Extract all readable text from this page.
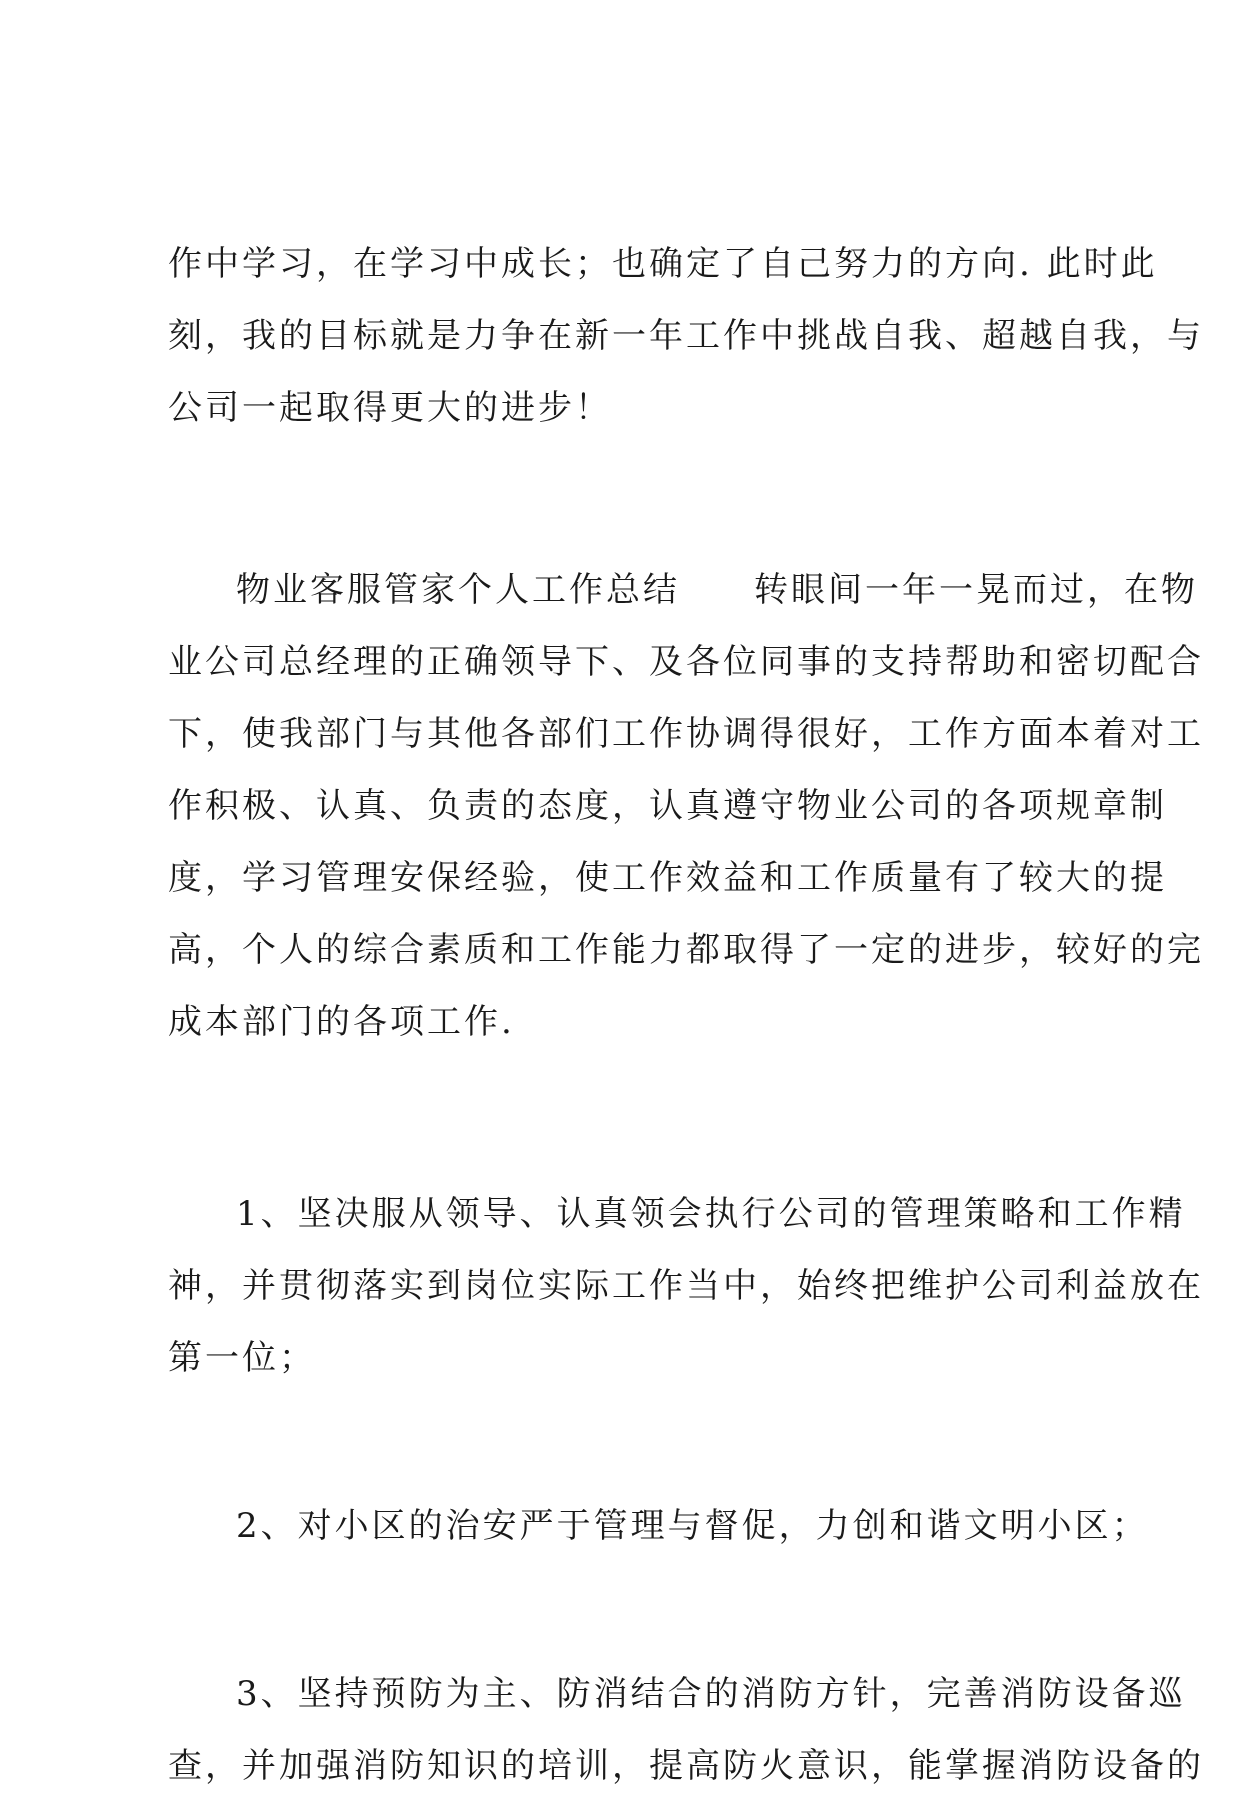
作中学习，在学习中成长；也确定了自己努力的方向. 此时此
刻，我的目标就是力争在新一年工作中挑战自我、超越自我，与
公司一起取得更大的进步！

物业客服管家个人工作总结　　转眼间一年一晃而过，在物
业公司总经理的正确领导下、及各位同事的支持帮助和密切配合
下，使我部门与其他各部们工作协调得很好，工作方面本着对工
作积极、认真、负责的态度，认真遵守物业公司的各项规章制
度，学习管理安保经验，使工作效益和工作质量有了较大的提
高，个人的综合素质和工作能力都取得了一定的进步，较好的完
成本部门的各项工作.

1、坚决服从领导、认真领会执行公司的管理策略和工作精
神，并贯彻落实到岗位实际工作当中，始终把维护公司利益放在
第一位；

2、对小区的治安严于管理与督促，力创和谐文明小区；

3、坚持预防为主、防消结合的消防方针，完善消防设备巡
查，并加强消防知识的培训，提高防火意识，能掌握消防设备的
